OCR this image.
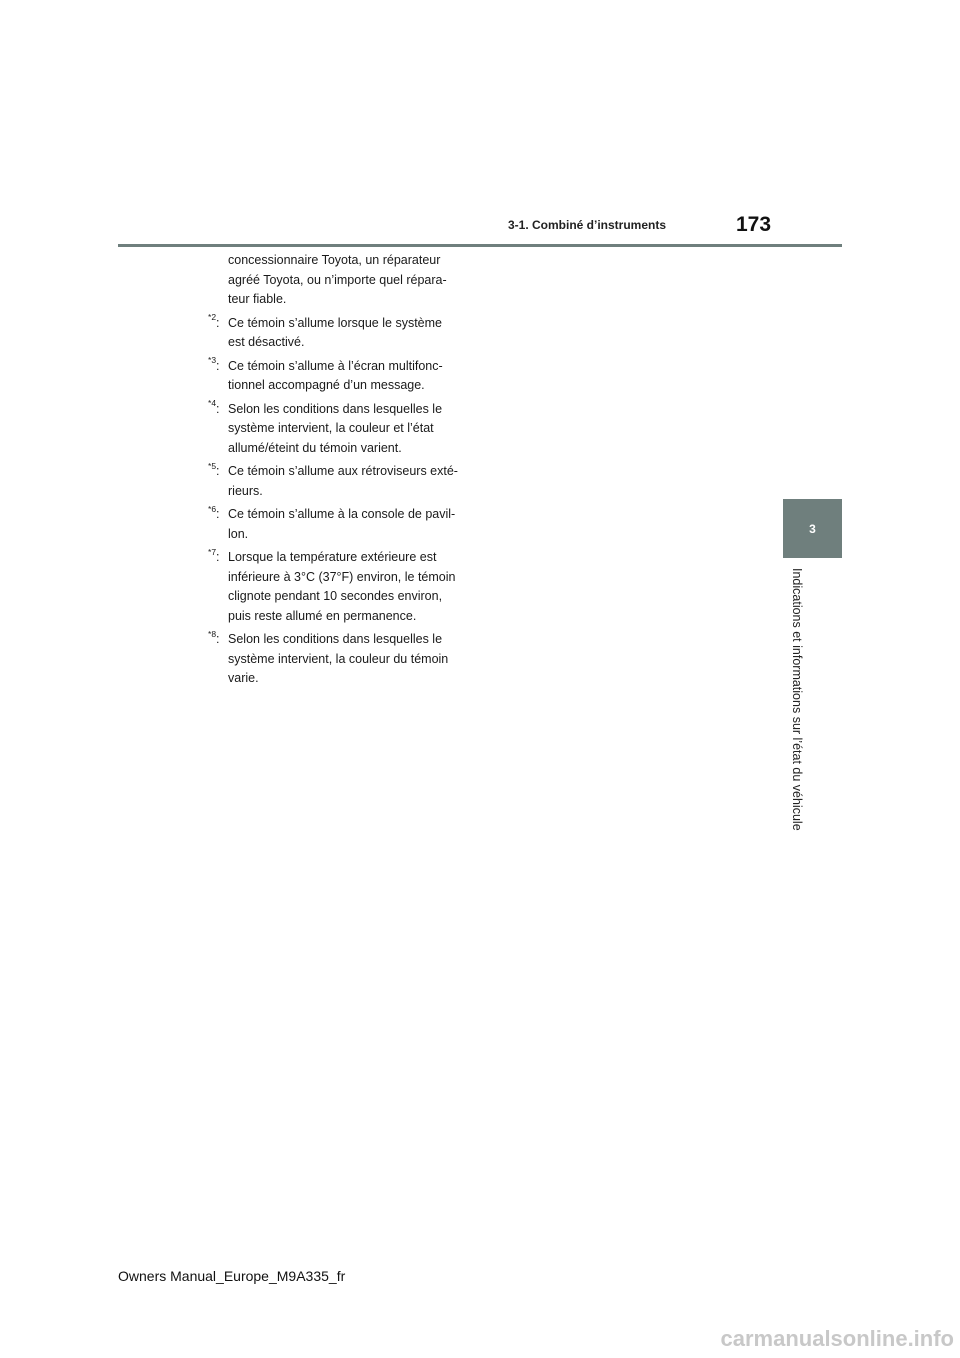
3-1. Combiné d’instruments	173
3
Indications et informations sur l’état du véhicule
concessionnaire Toyota, un réparateur
agréé Toyota, ou n’importe quel répara-
teur fiable.
$^{*2}$: Ce témoin s’allume lorsque le système
est désactivé.
$^{*3}$: Ce témoin s’allume à l’écran multifonc-
tionnel accompagné d’un message.
$^{*4}$: Selon les conditions dans lesquelles le
système intervient, la couleur et l’état
allumé/éteint du témoin varient.
$^{*5}$: Ce témoin s’allume aux rétroviseurs exté-
rieurs.
$^{*6}$: Ce témoin s’allume à la console de pavil-
lon.
$^{*7}$: Lorsque la température extérieure est
inférieure à 3°C (37°F) environ, le témoin
clignote pendant 10 secondes environ,
puis reste allumé en permanence.
$^{*8}$: Selon les conditions dans lesquelles le
système intervient, la couleur du témoin
varie.
Owners Manual_Europe_M9A335_fr
carmanualsonline.info
